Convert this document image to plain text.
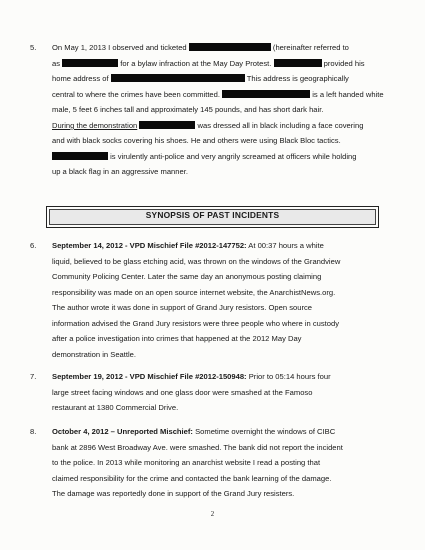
5. On May 1, 2013 I observed and ticketed	(hereinafter referred to
as	for a bylaw infraction at the May Day Protest.	provided his
home address of	This address is geographically
central to where the crimes have been committed.	is a left handed white
male, 5 feet 6 inches tall and approximately 145 pounds, and has short dark hair.
During the demonstration	was dressed all in black including a face covering
and with black socks covering his shoes. He and others were using Black Bloc tactics.
is virulently anti-police and very angrily screamed at officers while holding
up a black flag in an aggressive manner.
SYNOPSIS OF PAST INCIDENTS
6. September 14, 2012 - VPD Mischief File #2012-147752: At 00:37 hours a white
liquid, believed to be glass etching acid, was thrown on the windows of the Grandview
Community Policing Center. Later the same day an anonymous posting claiming
responsibility was made on an open source internet website, the AnarchistNews.org.
The author wrote it was done in support of Grand Jury resistors. Open source
information advised the Grand Jury resistors were three people who where in custody
after a police investigation into crimes that happened at the 2012 May Day
demonstration in Seattle.
7. September 19, 2012 - VPD Mischief File #2012-150948: Prior to 05:14 hours four
large street facing windows and one glass door were smashed at the Famoso
restaurant at 1380 Commercial Drive.
8. October 4, 2012 – Unreported Mischief: Sometime overnight the windows of CIBC
bank at 2896 West Broadway Ave. were smashed. The bank did not report the incident
to the police. In 2013 while monitoring an anarchist website I read a posting that
claimed responsibility for the crime and contacted the bank learning of the damage.
The damage was reportedly done in support of the Grand Jury resisters.
2
